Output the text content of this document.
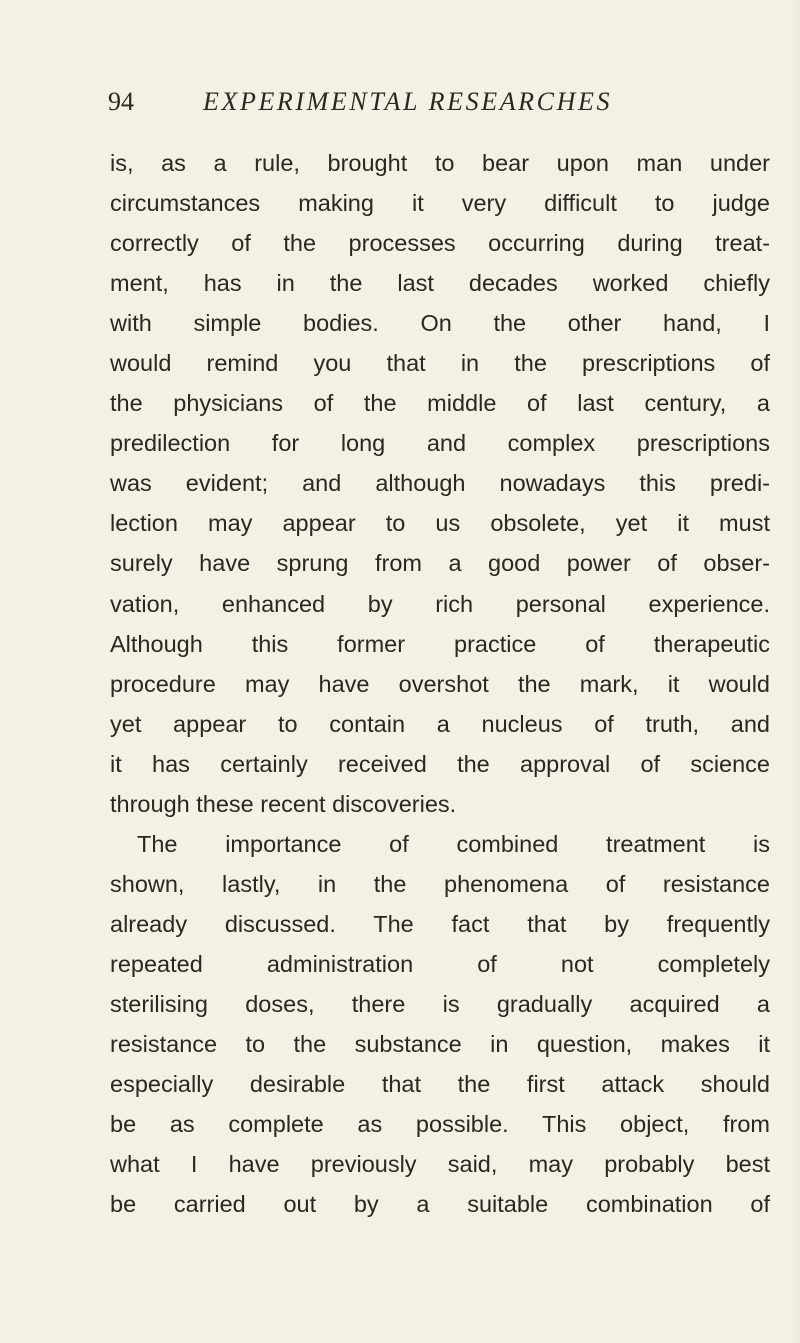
94	EXPERIMENTAL RESEARCHES
is, as a rule, brought to bear upon man under
circumstances making it very difficult to judge
correctly of the processes occurring during treat-
ment, has in the last decades worked chiefly
with simple bodies. On the other hand, I
would remind you that in the prescriptions of
the physicians of the middle of last century, a
predilection for long and complex prescriptions
was evident; and although nowadays this predi-
lection may appear to us obsolete, yet it must
surely have sprung from a good power of obser-
vation, enhanced by rich personal experience.
Although this former practice of therapeutic
procedure may have overshot the mark, it would
yet appear to contain a nucleus of truth, and
it has certainly received the approval of science
through these recent discoveries.
The importance of combined treatment is
shown, lastly, in the phenomena of resistance
already discussed. The fact that by frequently
repeated administration of not completely
sterilising doses, there is gradually acquired a
resistance to the substance in question, makes it
especially desirable that the first attack should
be as complete as possible. This object, from
what I have previously said, may probably best
be carried out by a suitable combination of
